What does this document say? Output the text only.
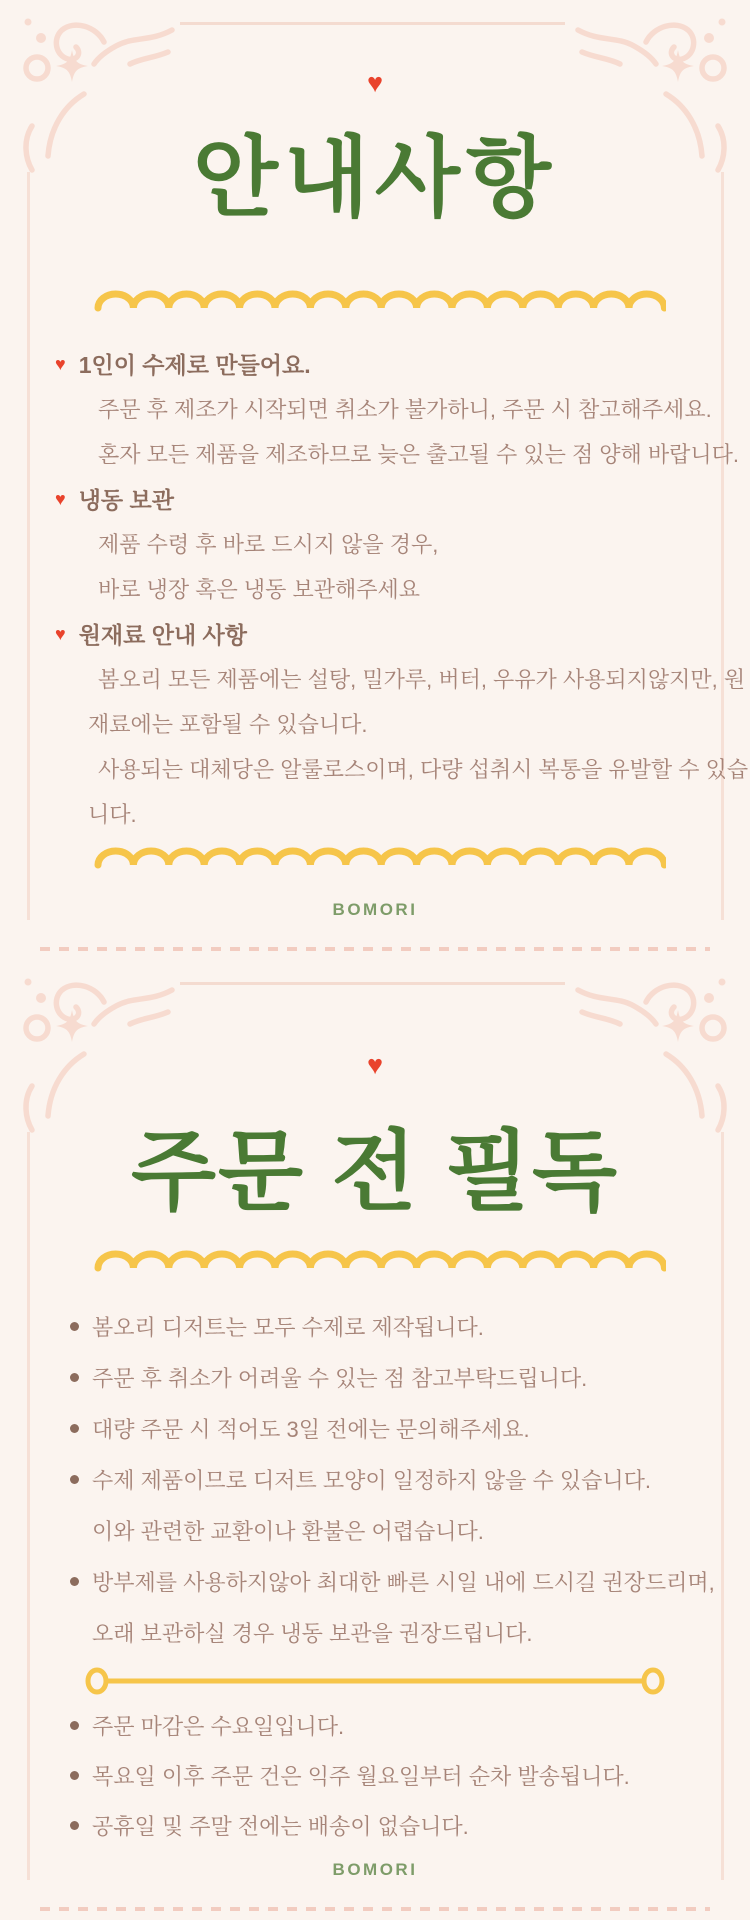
♥
안내사항
♥ 1인이 수제로 만들어요.
주문 후 제조가 시작되면 취소가 불가하니, 주문 시 참고해주세요.
혼자 모든 제품을 제조하므로 늦은 출고될 수 있는 점 양해 바랍니다.
♥ 냉동 보관
제품 수령 후 바로 드시지 않을 경우,
바로 냉장 혹은 냉동 보관해주세요
♥ 원재료 안내 사항
봄오리 모든 제품에는 설탕, 밀가루, 버터, 우유가 사용되지않지만, 원
재료에는 포함될 수 있습니다.
사용되는 대체당은 알룰로스이며, 다량 섭취시 복통을 유발할 수 있습
니다.
BOMORI
♥
주문 전 필독
봄오리 디저트는 모두 수제로 제작됩니다.
주문 후 취소가 어려울 수 있는 점 참고부탁드립니다.
대량 주문 시 적어도 3일 전에는 문의해주세요.
수제 제품이므로 디저트 모양이 일정하지 않을 수 있습니다.
이와 관련한 교환이나 환불은 어렵습니다.
방부제를 사용하지않아 최대한 빠른 시일 내에 드시길 권장드리며,
오래 보관하실 경우 냉동 보관을 권장드립니다.
주문 마감은 수요일입니다.
목요일 이후 주문 건은 익주 월요일부터 순차 발송됩니다.
공휴일 및 주말 전에는 배송이 없습니다.
BOMORI
